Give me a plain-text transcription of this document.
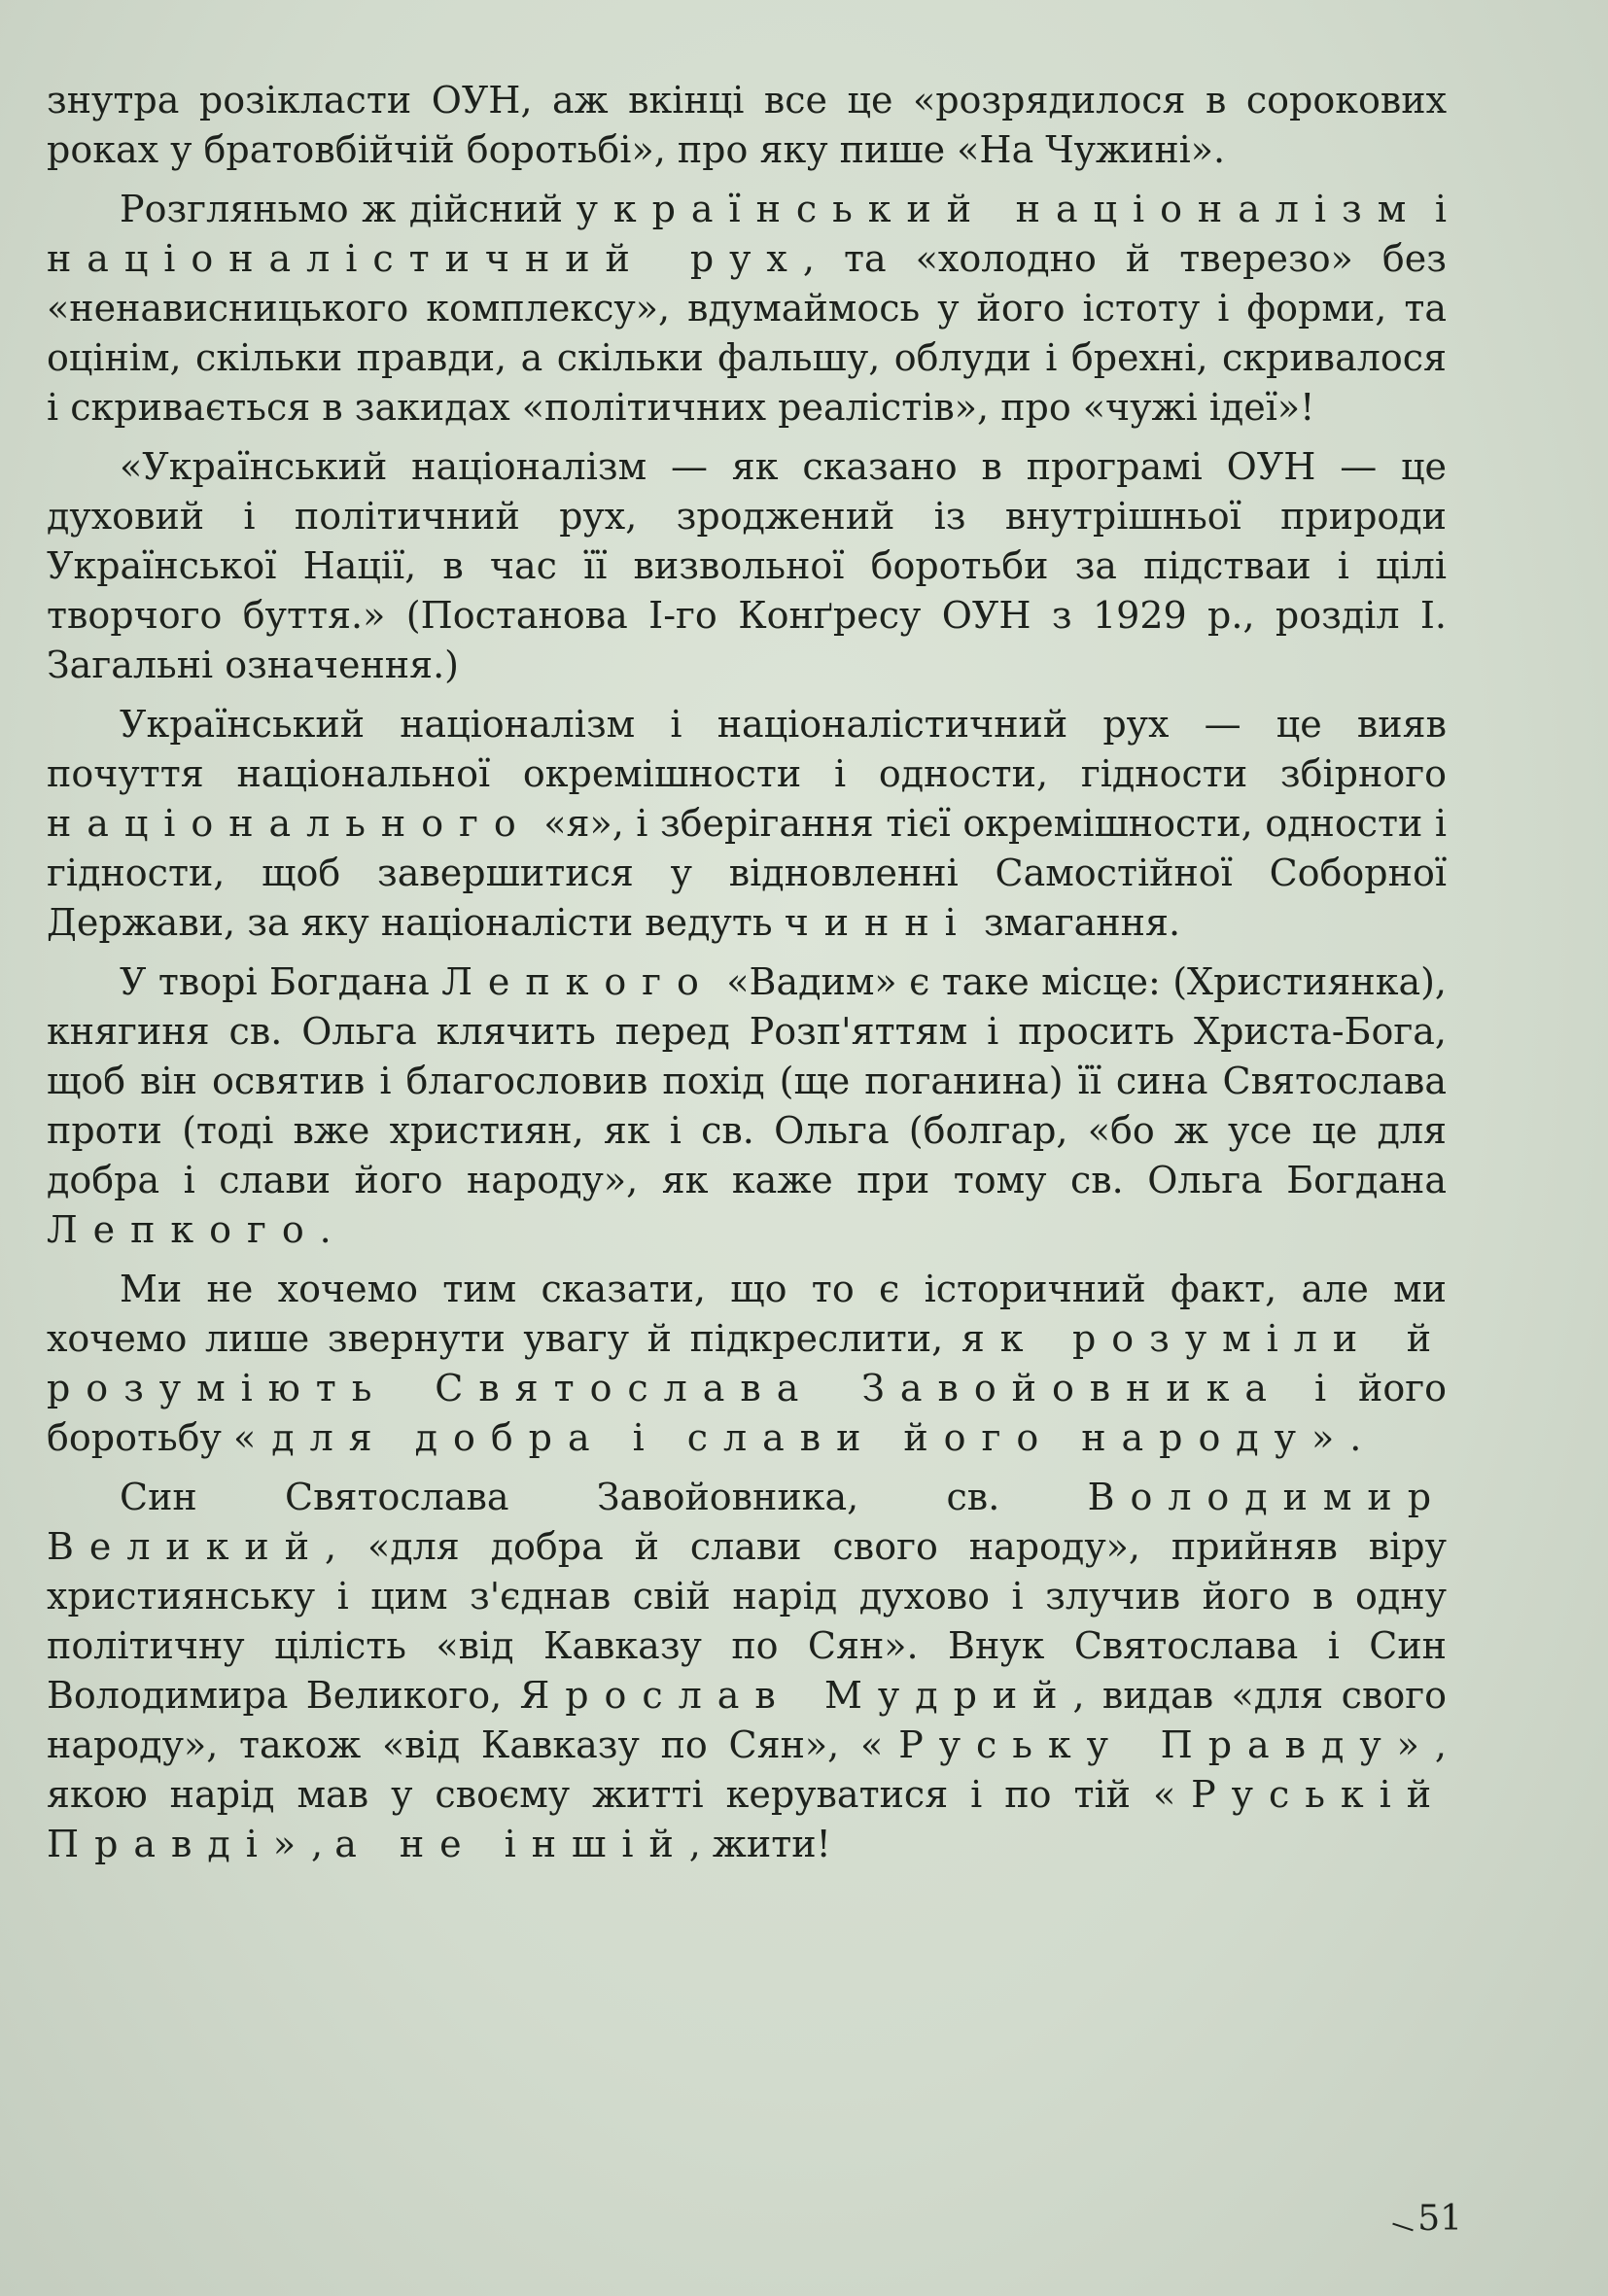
знутра розікласти ОУН, аж вкінці все це «розрядилося в сорокових роках у братовбійчій боротьбі», про яку пише «На Чужині».

Розгляньмо ж дійсний український націоналізм і націоналістичний рух, та «холодно й тверезо» без «ненависницького комплексу», вдумаймось у його істоту і форми, та оцінім, скільки правди, а скільки фальшу, облуди і брехні, скривалося і скривається в закидах «політичних реалістів», про «чужі ідеї»!

«Український націоналізм — як сказано в програмі ОУН — це духовий і політичний рух, зроджений із внутрішньої природи Української Нації, в час її визвольної боротьби за підстваи і цілі творчого буття.» (Постанова І-го Конґресу ОУН з 1929 р., розділ І. Загальні означення.)

Український націоналізм і націоналістичний рух — це вияв почуття національної окремішности і одности, гідности збірного національного «я», і зберігання тієї окремішности, одности і гідности, щоб завершитися у відновленні Самостійної Соборної Держави, за яку націоналісти ведуть чинні змагання.

У творі Богдана Лепкого «Вадим» є таке місце: (Християнка), княгиня св. Ольга клячить перед Розп'яттям і просить Христа-Бога, щоб він освятив і благословив похід (ще поганина) її сина Святослава проти (тоді вже християн, як і св. Ольга (болгар, «бо ж усе це для добра і слави його народу», як каже при тому св. Ольга Богдана Лепкого.

Ми не хочемо тим сказати, що то є історичний факт, але ми хочемо лише звернути увагу й підкреслити, як розуміли й розуміють Святослава Завойовника і його боротьбу «для добра і слави його народу».

Син Святослава Завойовника, св. Володимир Великий, «для добра й слави свого народу», прийняв віру християнську і цим з'єднав свій нарід духово і злучив його в одну політичну цілість «від Кавказу по Сян». Внук Святослава і Син Володимира Великого, Ярослав Мудрий, видав «для свого народу», також «від Кавказу по Сян», «Руську Правду», якою нарід мав у своєму житті керуватися і по тій «Руській Правді», а не іншій, жити!

51
